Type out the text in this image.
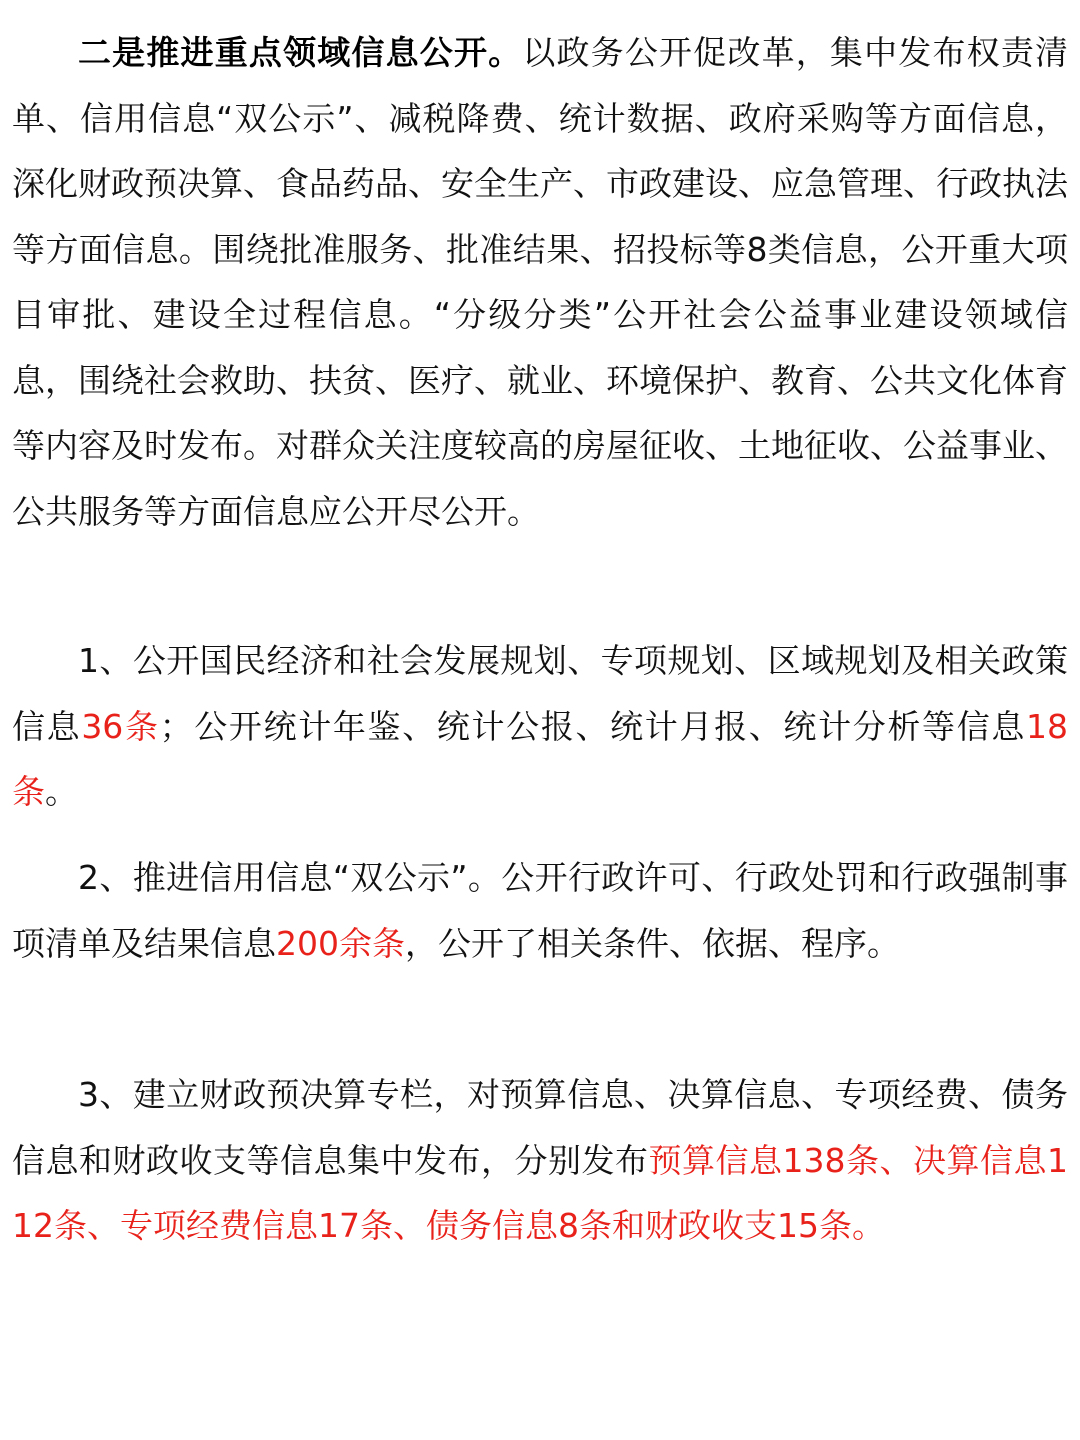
二是推进重点领域信息公开。以政务公开促改革，集中发布权责清单、信用信息“双公示”、减税降费、统计数据、政府采购等方面信息，深化财政预决算、食品药品、安全生产、市政建设、应急管理、行政执法等方面信息。围绕批准服务、批准结果、招投标等8类信息，公开重大项目审批、建设全过程信息。“分级分类”公开社会公益事业建设领域信息，围绕社会救助、扶贫、医疗、就业、环境保护、教育、公共文化体育等内容及时发布。对群众关注度较高的房屋征收、土地征收、公益事业、公共服务等方面信息应公开尽公开。

1、公开国民经济和社会发展规划、专项规划、区域规划及相关政策信息36条；公开统计年鉴、统计公报、统计月报、统计分析等信息18条。

2、推进信用信息“双公示”。公开行政许可、行政处罚和行政强制事项清单及结果信息200余条，公开了相关条件、依据、程序。

3、建立财政预决算专栏，对预算信息、决算信息、专项经费、债务信息和财政收支等信息集中发布，分别发布预算信息138条、决算信息112条、专项经费信息17条、债务信息8条和财政收支15条。
